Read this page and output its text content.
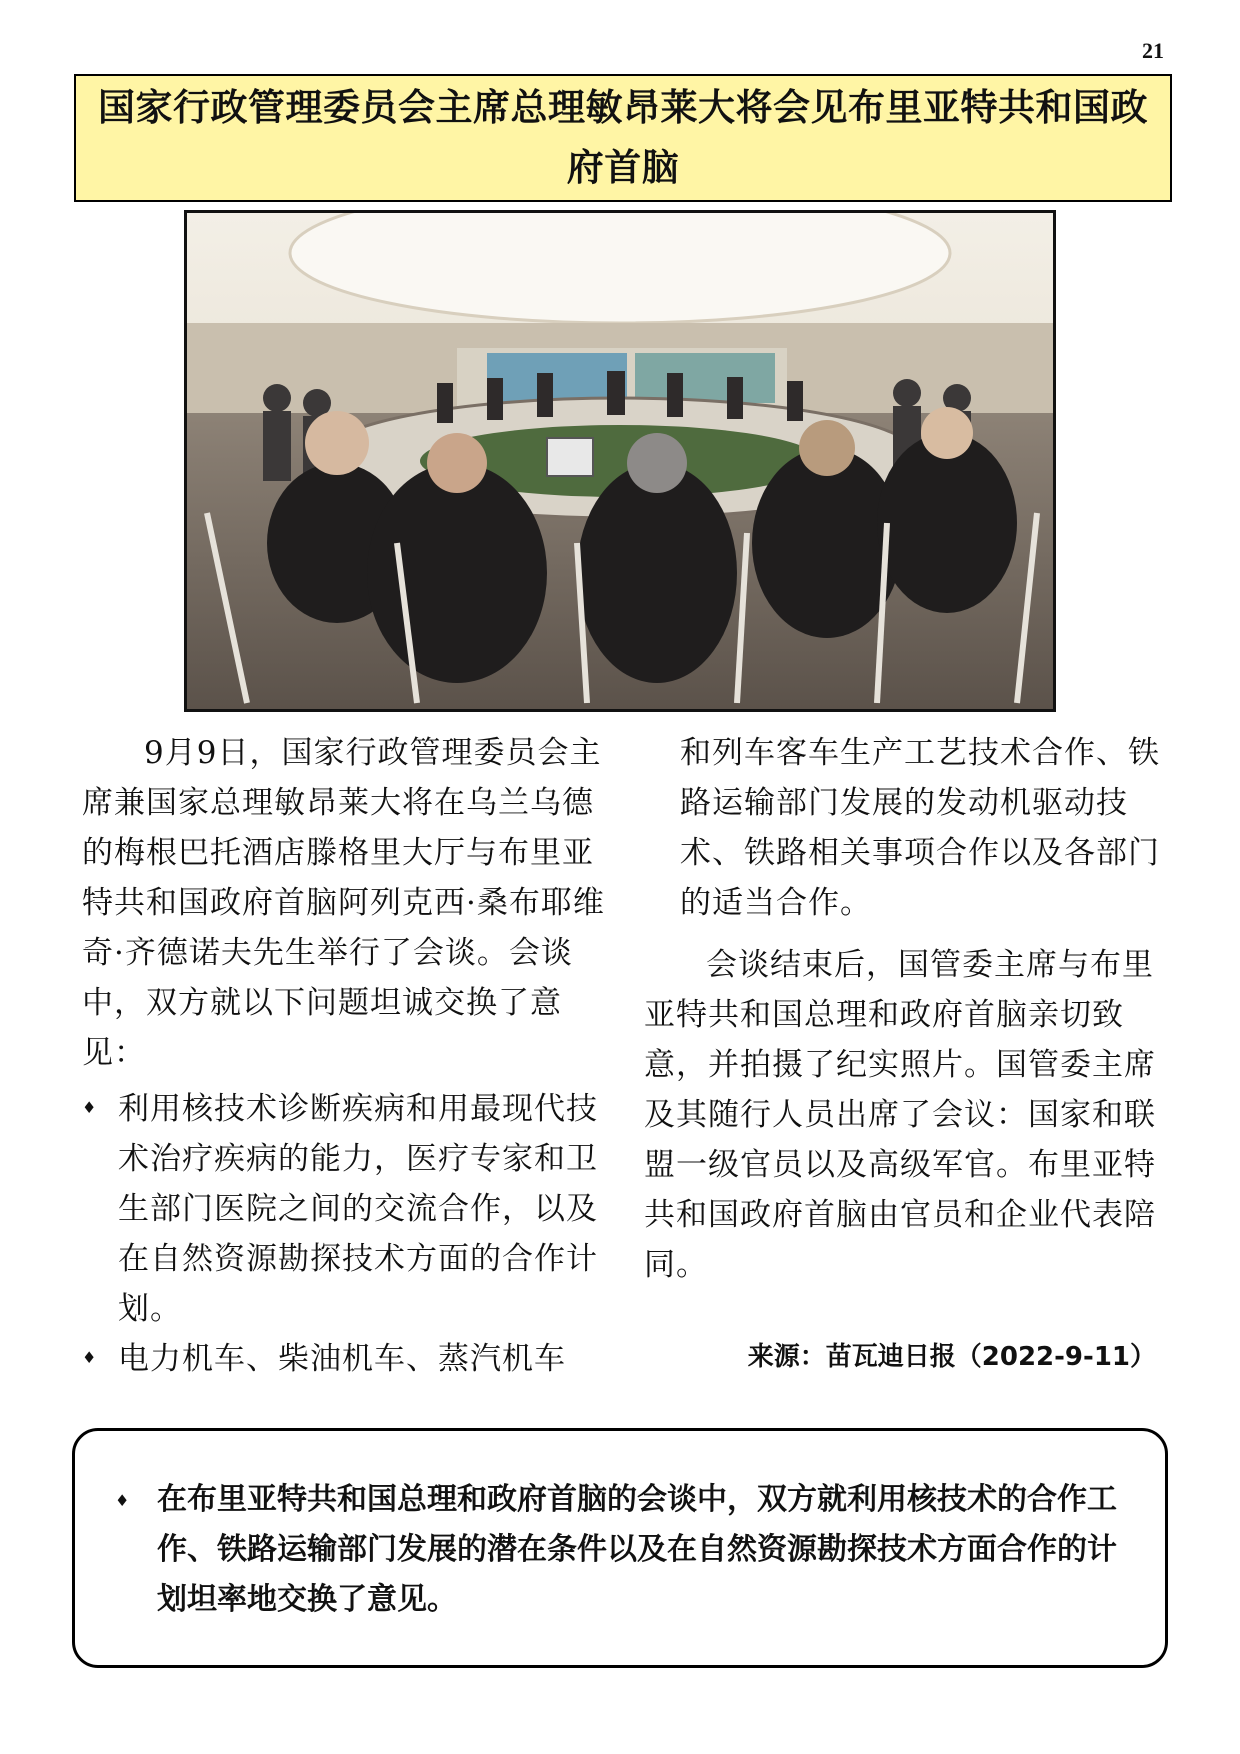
21
国家行政管理委员会主席总理敏昂莱大将会见布里亚特共和国政府首脑

9月9日，国家行政管理委员会主席兼国家总理敏昂莱大将在乌兰乌德的梅根巴托酒店滕格里大厅与布里亚特共和国政府首脑阿列克西·桑布耶维奇·齐德诺夫先生举行了会谈。会谈中，双方就以下问题坦诚交换了意见：

♦ 利用核技术诊断疾病和用最现代技术治疗疾病的能力，医疗专家和卫生部门医院之间的交流合作，以及在自然资源勘探技术方面的合作计划。
♦ 电力机车、柴油机车、蒸汽机车

和列车客车生产工艺技术合作、铁路运输部门发展的发动机驱动技术、铁路相关事项合作以及各部门的适当合作。

会谈结束后，国管委主席与布里亚特共和国总理和政府首脑亲切致意，并拍摄了纪实照片。国管委主席及其随行人员出席了会议：国家和联盟一级官员以及高级军官。布里亚特共和国政府首脑由官员和企业代表陪同。

来源：苗瓦迪日报（2022-9-11）
♦ 在布里亚特共和国总理和政府首脑的会谈中，双方就利用核技术的合作工作、铁路运输部门发展的潜在条件以及在自然资源勘探技术方面合作的计划坦率地交换了意见。
